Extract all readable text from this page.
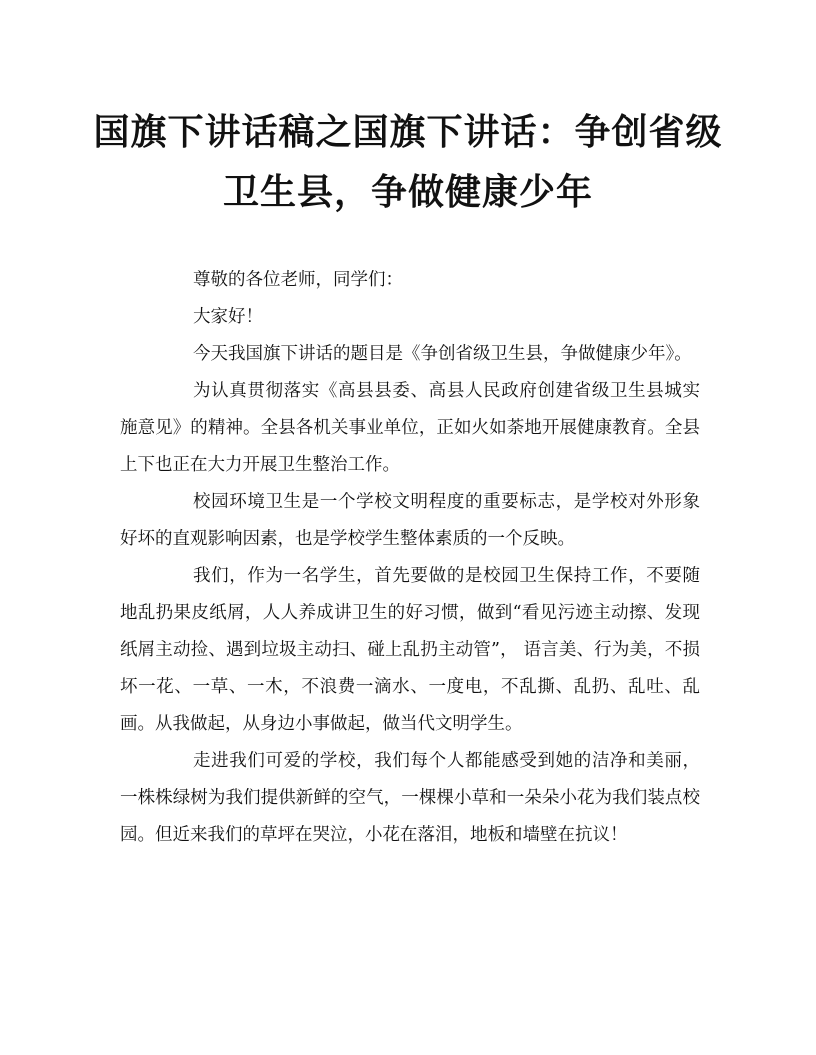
国旗下讲话稿之国旗下讲话：争创省级
卫生县，争做健康少年

尊敬的各位老师，同学们：

大家好！

今天我国旗下讲话的题目是《争创省级卫生县，争做健康少年》。

为认真贯彻落实《高县县委、高县人民政府创建省级卫生县城实施意见》的精神。全县各机关事业单位，正如火如荼地开展健康教育。全县上下也正在大力开展卫生整治工作。

校园环境卫生是一个学校文明程度的重要标志，是学校对外形象好坏的直观影响因素，也是学校学生整体素质的一个反映。

我们，作为一名学生，首先要做的是校园卫生保持工作，不要随地乱扔果皮纸屑，人人养成讲卫生的好习惯，做到“看见污迹主动擦、发现纸屑主动捡、遇到垃圾主动扫、碰上乱扔主动管”， 语言美、行为美，不损坏一花、一草、一木，不浪费一滴水、一度电，不乱撕、乱扔、乱吐、乱画。从我做起，从身边小事做起，做当代文明学生。

走进我们可爱的学校，我们每个人都能感受到她的洁净和美丽，一株株绿树为我们提供新鲜的空气，一棵棵小草和一朵朵小花为我们装点校园。但近来我们的草坪在哭泣，小花在落泪，地板和墙壁在抗议！
